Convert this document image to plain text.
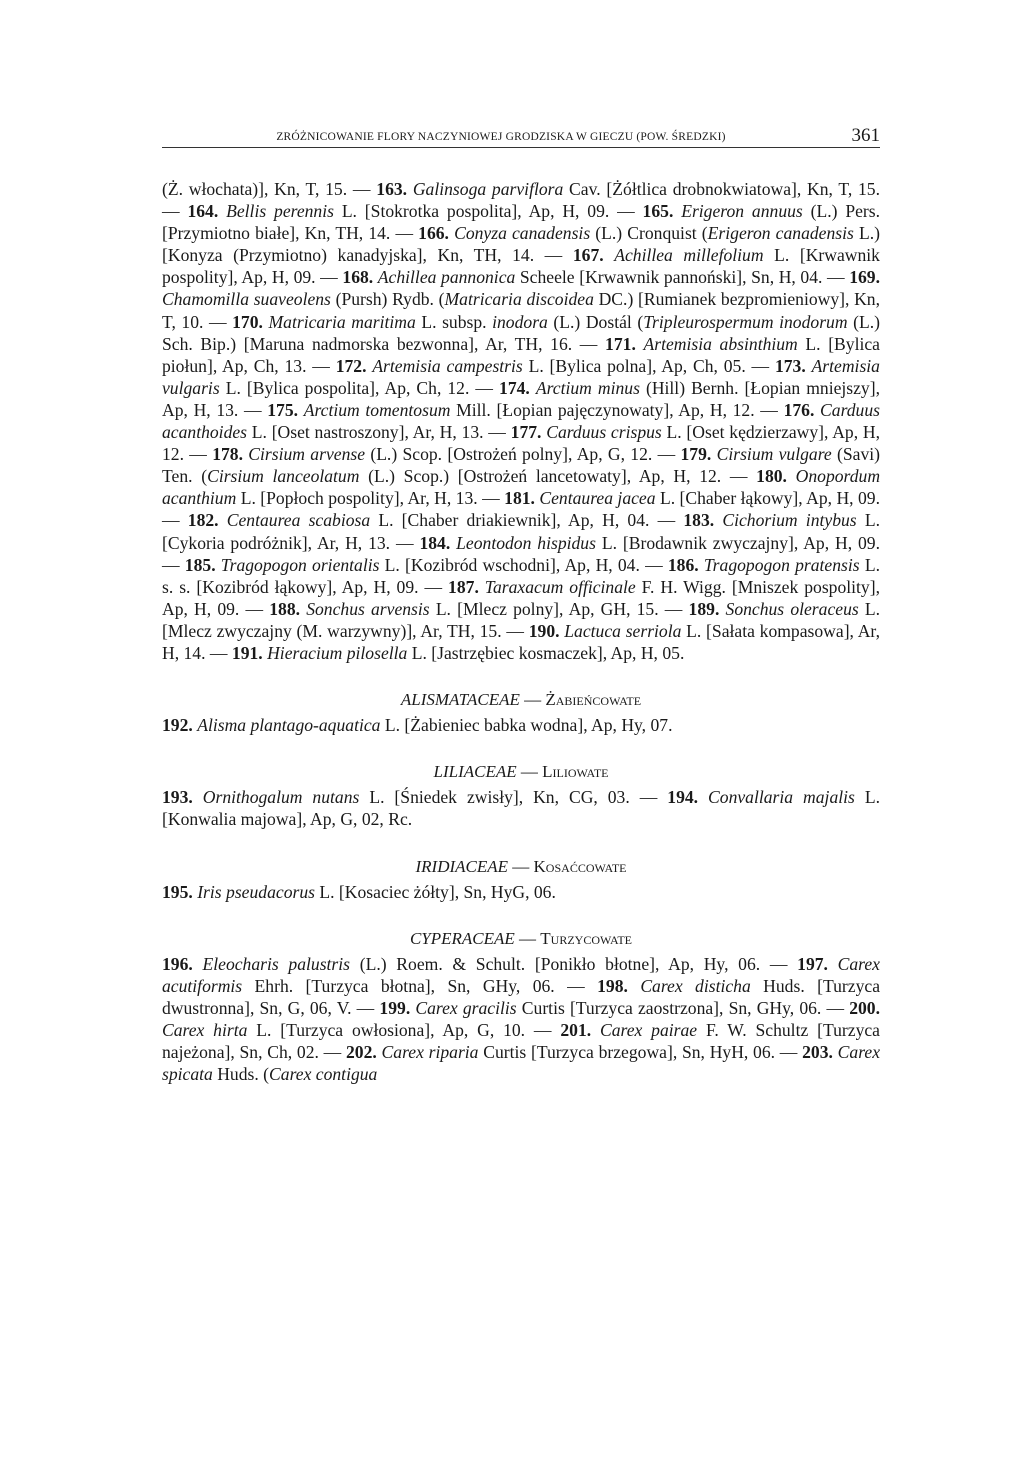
ZRÓŻNICOWANIE FLORY NACZYNIOWEJ GRODZISKA W GIECZU (POW. ŚREDZKI)	361

(Ż. włochata)], Kn, T, 15. — 163. Galinsoga parviflora Cav. [Żółtlica drobnokwiatowa], Kn, T, 15. — 164. Bellis perennis L. [Stokrotka pospolita], Ap, H, 09. — 165. Erigeron annuus (L.) Pers. [Przymiotno białe], Kn, TH, 14. — 166. Conyza canadensis (L.) Cronquist (Erigeron canadensis L.) [Konyza (Przymiotno) kanadyjska], Kn, TH, 14. — 167. Achillea millefolium L. [Krwawnik pospolity], Ap, H, 09. — 168. Achillea pannonica Scheele [Krwawnik pannoński], Sn, H, 04. — 169. Chamomilla suaveolens (Pursh) Rydb. (Matricaria discoidea DC.) [Rumianek bezpromieniowy], Kn, T, 10. — 170. Matricaria maritima L. subsp. inodora (L.) Dostál (Tripleurospermum inodorum (L.) Sch. Bip.) [Maruna nadmorska bezwonna], Ar, TH, 16. — 171. Artemisia absinthium L. [Bylica piołun], Ap, Ch, 13. — 172. Artemisia campestris L. [Bylica polna], Ap, Ch, 05. — 173. Artemisia vulgaris L. [Bylica pospolita], Ap, Ch, 12. — 174. Arctium minus (Hill) Bernh. [Łopian mniejszy], Ap, H, 13. — 175. Arctium tomentosum Mill. [Łopian pajęczynowaty], Ap, H, 12. — 176. Carduus acanthoides L. [Oset nastroszony], Ar, H, 13. — 177. Carduus crispus L. [Oset kędzierzawy], Ap, H, 12. — 178. Cirsium arvense (L.) Scop. [Ostrożeń polny], Ap, G, 12. — 179. Cirsium vulgare (Savi) Ten. (Cirsium lanceolatum (L.) Scop.) [Ostrożeń lancetowaty], Ap, H, 12. — 180. Onopordum acanthium L. [Popłoch pospolity], Ar, H, 13. — 181. Centaurea jacea L. [Chaber łąkowy], Ap, H, 09. — 182. Centaurea scabiosa L. [Chaber driakiewnik], Ap, H, 04. — 183. Cichorium intybus L. [Cykoria podróżnik], Ar, H, 13. — 184. Leontodon hispidus L. [Brodawnik zwyczajny], Ap, H, 09. — 185. Tragopogon orientalis L. [Kozibród wschodni], Ap, H, 04. — 186. Tragopogon pratensis L. s. s. [Kozibród łąkowy], Ap, H, 09. — 187. Taraxacum officinale F. H. Wigg. [Mniszek pospolity], Ap, H, 09. — 188. Sonchus arvensis L. [Mlecz polny], Ap, GH, 15. — 189. Sonchus oleraceus L. [Mlecz zwyczajny (M. warzywny)], Ar, TH, 15. — 190. Lactuca serriola L. [Sałata kompasowa], Ar, H, 14. — 191. Hieracium pilosella L. [Jastrzębiec kosmaczek], Ap, H, 05.

ALISMATACEAE — Żabieńcowate

192. Alisma plantago-aquatica L. [Żabieniec babka wodna], Ap, Hy, 07.

LILIACEAE — Liliowate

193. Ornithogalum nutans L. [Śniedek zwisły], Kn, CG, 03. — 194. Convallaria majalis L. [Konwalia majowa], Ap, G, 02, Rc.

IRIDIACEAE — Kosaćcowate

195. Iris pseudacorus L. [Kosaciec żółty], Sn, HyG, 06.

CYPERACEAE — Turzycowate

196. Eleocharis palustris (L.) Roem. & Schult. [Ponikło błotne], Ap, Hy, 06. — 197. Carex acutiformis Ehrh. [Turzyca błotna], Sn, GHy, 06. — 198. Carex disticha Huds. [Turzyca dwustronna], Sn, G, 06, V. — 199. Carex gracilis Curtis [Turzyca zaostrzona], Sn, GHy, 06. — 200. Carex hirta L. [Turzyca owłosiona], Ap, G, 10. — 201. Carex pairae F. W. Schultz [Turzyca najeżona], Sn, Ch, 02. — 202. Carex riparia Curtis [Turzyca brzegowa], Sn, HyH, 06. — 203. Carex spicata Huds. (Carex contigua
